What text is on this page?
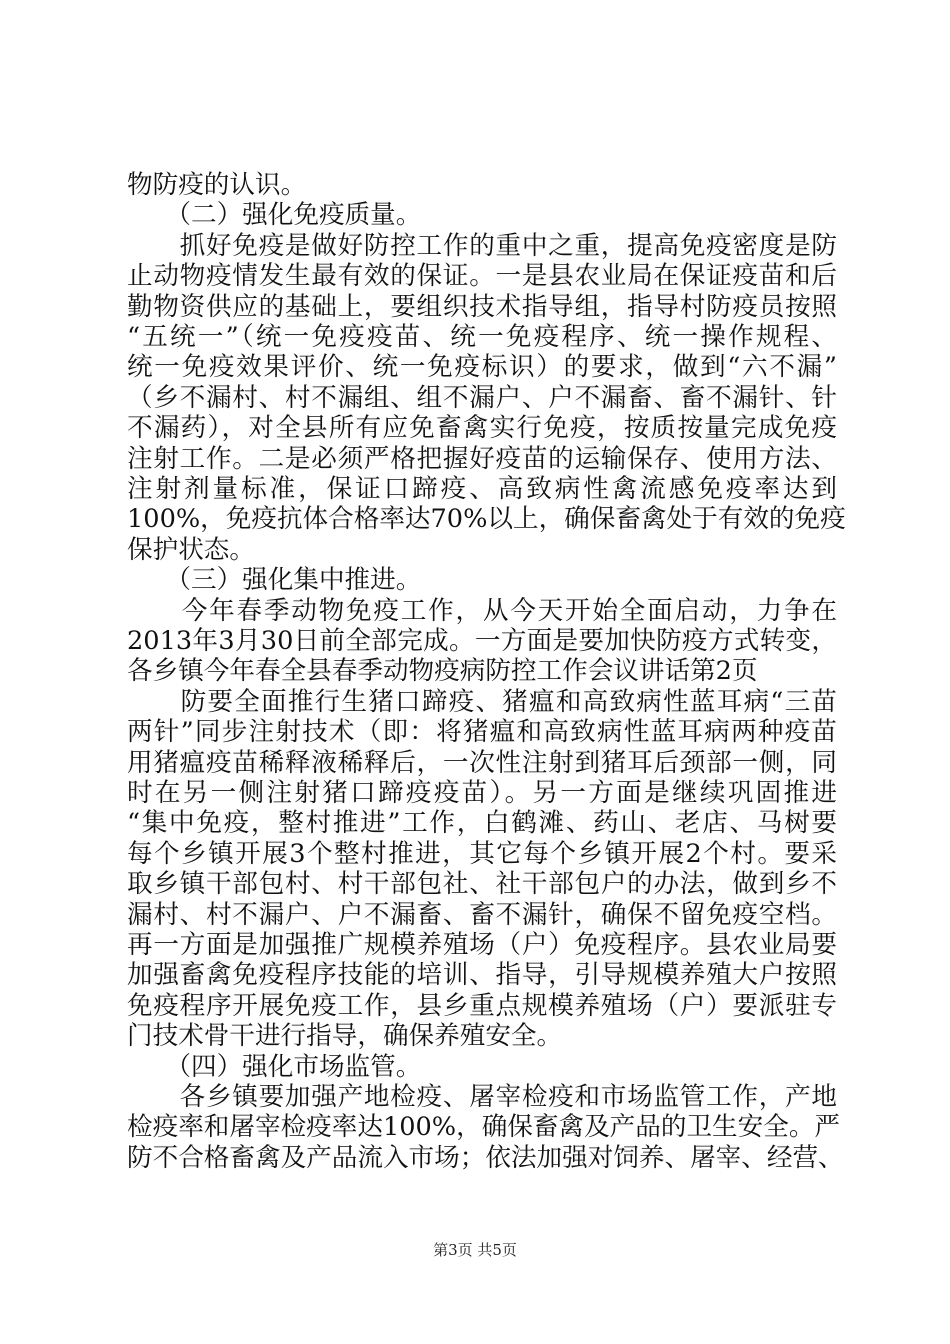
物防疫的认识。
　　（二）强化免疫质量。
　　抓好免疫是做好防控工作的重中之重，提高免疫密度是防
止动物疫情发生最有效的保证。一是县农业局在保证疫苗和后
勤物资供应的基础上，要组织技术指导组，指导村防疫员按照
“五统一”（统一免疫疫苗、统一免疫程序、统一操作规程、
统一免疫效果评价、统一免疫标识）的要求，做到“六不漏”
（乡不漏村、村不漏组、组不漏户、户不漏畜、畜不漏针、针
不漏药），对全县所有应免畜禽实行免疫，按质按量完成免疫
注射工作。二是必须严格把握好疫苗的运输保存、使用方法、
注射剂量标准，保证口蹄疫、高致病性禽流感免疫率达到
100%，免疫抗体合格率达70%以上，确保畜禽处于有效的免疫
保护状态。
　　（三）强化集中推进。
　　今年春季动物免疫工作，从今天开始全面启动，力争在
2013年3月30日前全部完成。一方面是要加快防疫方式转变，
各乡镇今年春全县春季动物疫病防控工作会议讲话第2页
　　防要全面推行生猪口蹄疫、猪瘟和高致病性蓝耳病“三苗
两针”同步注射技术（即：将猪瘟和高致病性蓝耳病两种疫苗
用猪瘟疫苗稀释液稀释后，一次性注射到猪耳后颈部一侧，同
时在另一侧注射猪口蹄疫疫苗）。另一方面是继续巩固推进
“集中免疫，整村推进”工作，白鹤滩、药山、老店、马树要
每个乡镇开展3个整村推进，其它每个乡镇开展2个村。要采
取乡镇干部包村、村干部包社、社干部包户的办法，做到乡不
漏村、村不漏户、户不漏畜、畜不漏针，确保不留免疫空档。
再一方面是加强推广规模养殖场（户）免疫程序。县农业局要
加强畜禽免疫程序技能的培训、指导，引导规模养殖大户按照
免疫程序开展免疫工作，县乡重点规模养殖场（户）要派驻专
门技术骨干进行指导，确保养殖安全。
　　（四）强化市场监管。
　　各乡镇要加强产地检疫、屠宰检疫和市场监管工作，产地
检疫率和屠宰检疫率达100%，确保畜禽及产品的卫生安全。严
防不合格畜禽及产品流入市场；依法加强对饲养、屠宰、经营、
第3页 共5页
